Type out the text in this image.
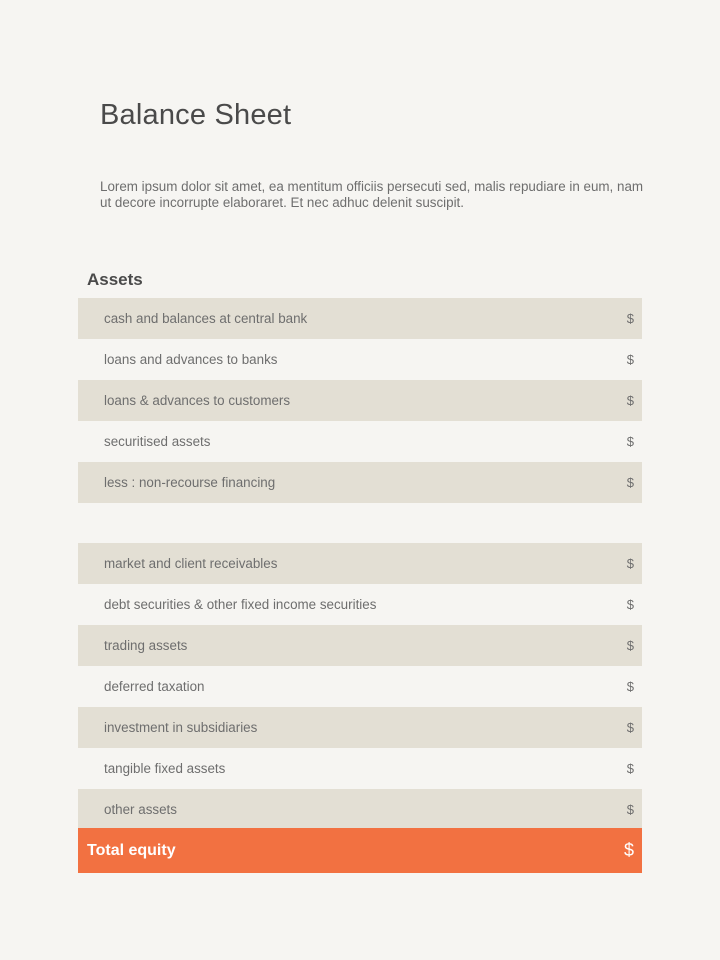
Balance Sheet

Lorem ipsum dolor sit amet, ea mentitum officiis persecuti sed, malis repudiare in eum, nam ut decore incorrupte elaboraret. Et nec adhuc delenit suscipit.

Assets
cash and balances at central bank	$
loans and advances to banks	$
loans & advances to customers	$
securitised assets	$
less : non-recourse financing	$
market and client receivables	$
debt securities & other fixed income securities	$
trading assets	$
deferred taxation	$
investment in subsidiaries	$
tangible fixed assets	$
other assets	$
Total equity	$
